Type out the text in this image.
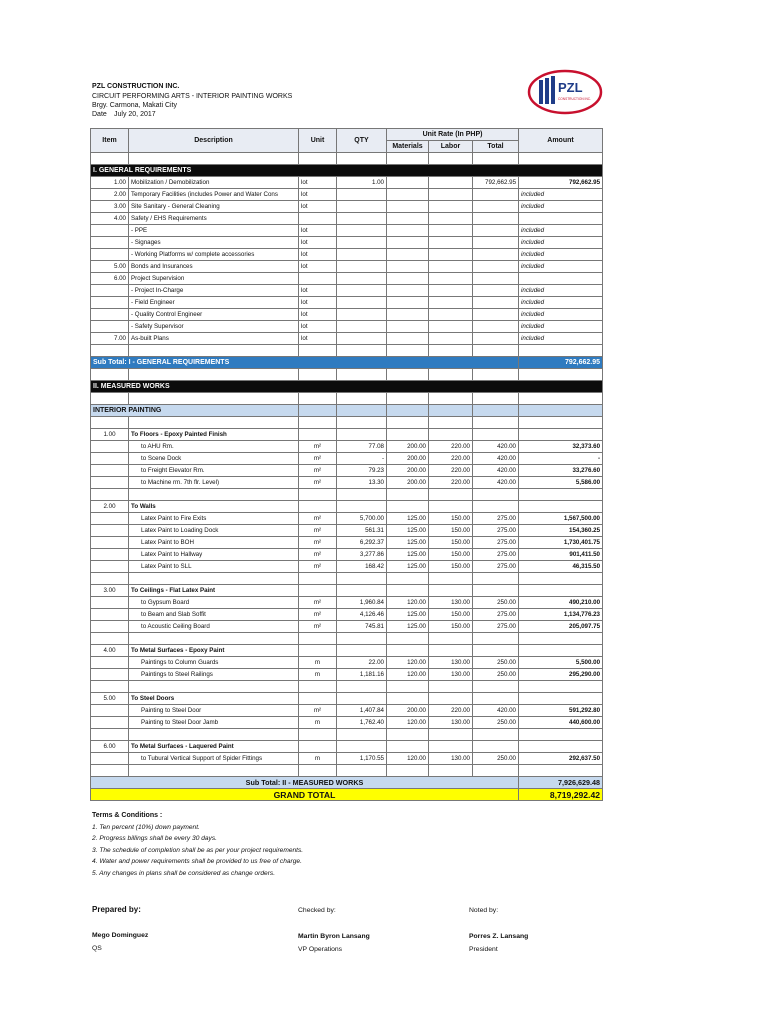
PZL CONSTRUCTION INC.
CIRCUIT PERFORMING ARTS - INTERIOR PAINTING WORKS
Brgy. Carmona, Makati City
Date July 20, 2017
PZL
CONSTRUCTION INC.
Item	Description	Unit	QTY	Unit Rate (In PHP)			Amount
				Materials	Labor	Total	

I. GENERAL REQUIREMENTS							
1.00	Mobilization / Demobilization	lot	1.00			792,662.95	792,662.95
2.00	Temporary Facilities (includes Power and Water Cons	lot					included
3.00	Site Sanitary - General Cleaning	lot					included
4.00	Safety / EHS Requirements						
	- PPE	lot					included
	- Signages	lot					included
	- Working Platforms w/ complete accessories	lot					included
5.00	Bonds and Insurances	lot					included
6.00	Project Supervision						
	- Project In-Charge	lot					included
	- Field Engineer	lot					included
	- Quality Control Engineer	lot					included
	- Safety Supervisor	lot					included
7.00	As-built Plans	lot					included

Sub Total: I - GENERAL REQUIREMENTS							792,662.95

II. MEASURED WORKS							

INTERIOR PAINTING							

1.00	To Floors - Epoxy Painted Finish						
	to AHU Rm.	m²	77.08	200.00	220.00	420.00	32,373.60
	to Scene Dock	m²	-	200.00	220.00	420.00	-
	to Freight Elevator Rm.	m²	79.23	200.00	220.00	420.00	33,276.60
	to Machine rm. 7th flr. Level)	m²	13.30	200.00	220.00	420.00	5,586.00

2.00	To Walls						
	Latex Paint to Fire Exits	m²	5,700.00	125.00	150.00	275.00	1,567,500.00
	Latex Paint to Loading Dock	m²	561.31	125.00	150.00	275.00	154,360.25
	Latex Paint to BOH	m²	6,292.37	125.00	150.00	275.00	1,730,401.75
	Latex Paint to Hallway	m²	3,277.86	125.00	150.00	275.00	901,411.50
	Latex Paint to SLL	m²	168.42	125.00	150.00	275.00	46,315.50

3.00	To Ceilings - Flat Latex Paint						
	to Gypsum Board	m²	1,960.84	120.00	130.00	250.00	490,210.00
	to Beam and Slab Soffit	m²	4,126.46	125.00	150.00	275.00	1,134,776.23
	to Acoustic Ceiling Board	m²	745.81	125.00	150.00	275.00	205,097.75

4.00	To Metal Surfaces - Epoxy Paint						
	Paintings to Column Guards	m	22.00	120.00	130.00	250.00	5,500.00
	Paintings to Steel Railings	m	1,181.16	120.00	130.00	250.00	295,290.00

5.00	To Steel Doors						
	Painting to Steel Door	m²	1,407.84	200.00	220.00	420.00	591,292.80
	Painting to Steel Door Jamb	m	1,762.40	120.00	130.00	250.00	440,600.00

6.00	To Metal Surfaces - Laquered Paint						
	to Tubural Vertical Support of Spider Fittings	m	1,170.55	120.00	130.00	250.00	292,637.50

Sub Total: II - MEASURED WORKS							7,926,629.48
GRAND TOTAL							8,719,292.42
Terms & Conditions :
1. Ten percent (10%) down payment.
2. Progress billings shall be every 30 days.
3. The schedule of completion shall be as per your project requirements.
4. Water and power requirements shall be provided to us free of charge.
5. Any changes in plans shall be considered as change orders.
Prepared by:
Mego Dominguez
QS
Checked by:
Martin Byron Lansang
VP Operations
Noted by:
Porres Z. Lansang
President
